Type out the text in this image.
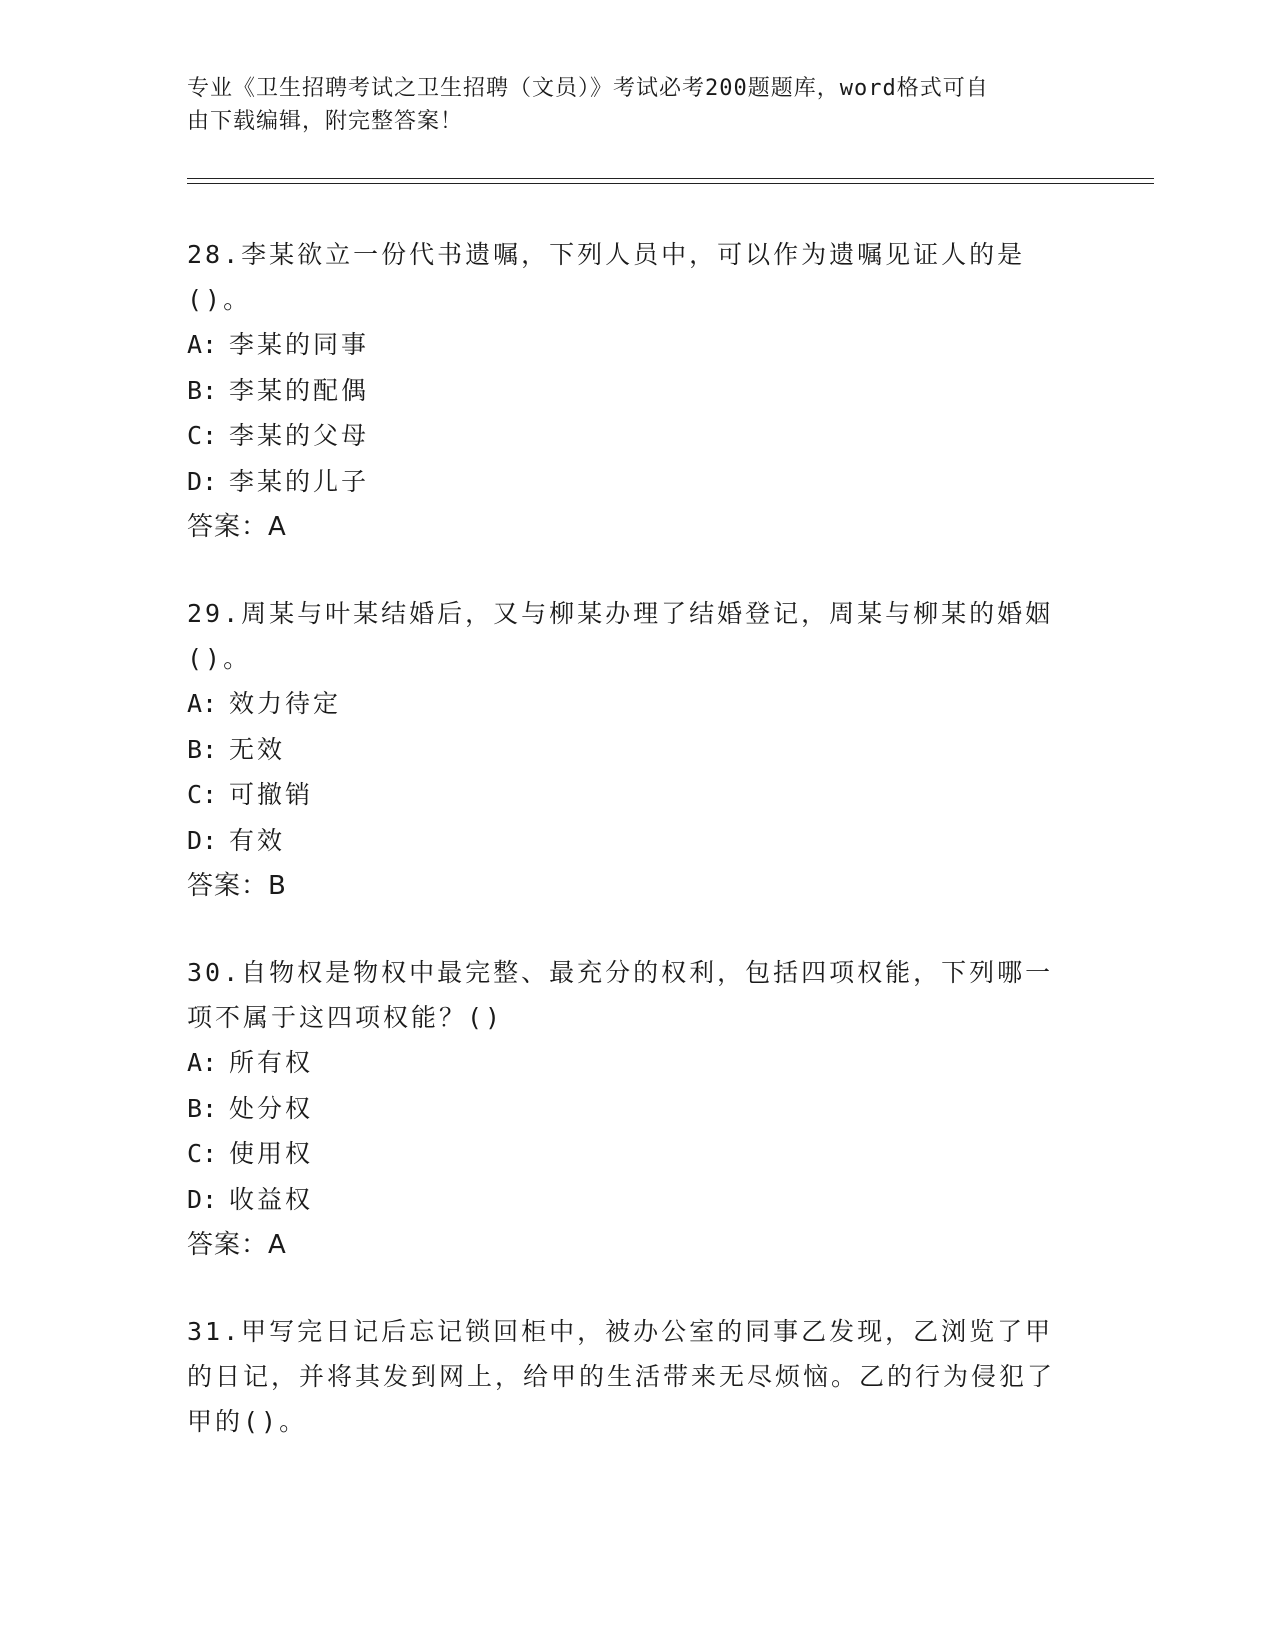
专业《卫生招聘考试之卫生招聘（文员）》考试必考200题题库，word格式可自
由下载编辑，附完整答案！

28.李某欲立一份代书遗嘱，下列人员中，可以作为遗嘱见证人的是()。

A: 李某的同事

B: 李某的配偶

C: 李某的父母

D: 李某的儿子

答案：A

29.周某与叶某结婚后，又与柳某办理了结婚登记，周某与柳某的婚姻()。

A: 效力待定

B: 无效

C: 可撤销

D: 有效

答案：B

30.自物权是物权中最完整、最充分的权利，包括四项权能，下列哪一项不属于这四项权能？()

A: 所有权

B: 处分权

C: 使用权

D: 收益权

答案：A

31.甲写完日记后忘记锁回柜中，被办公室的同事乙发现，乙浏览了甲的日记，并将其发到网上，给甲的生活带来无尽烦恼。乙的行为侵犯了甲的()。
